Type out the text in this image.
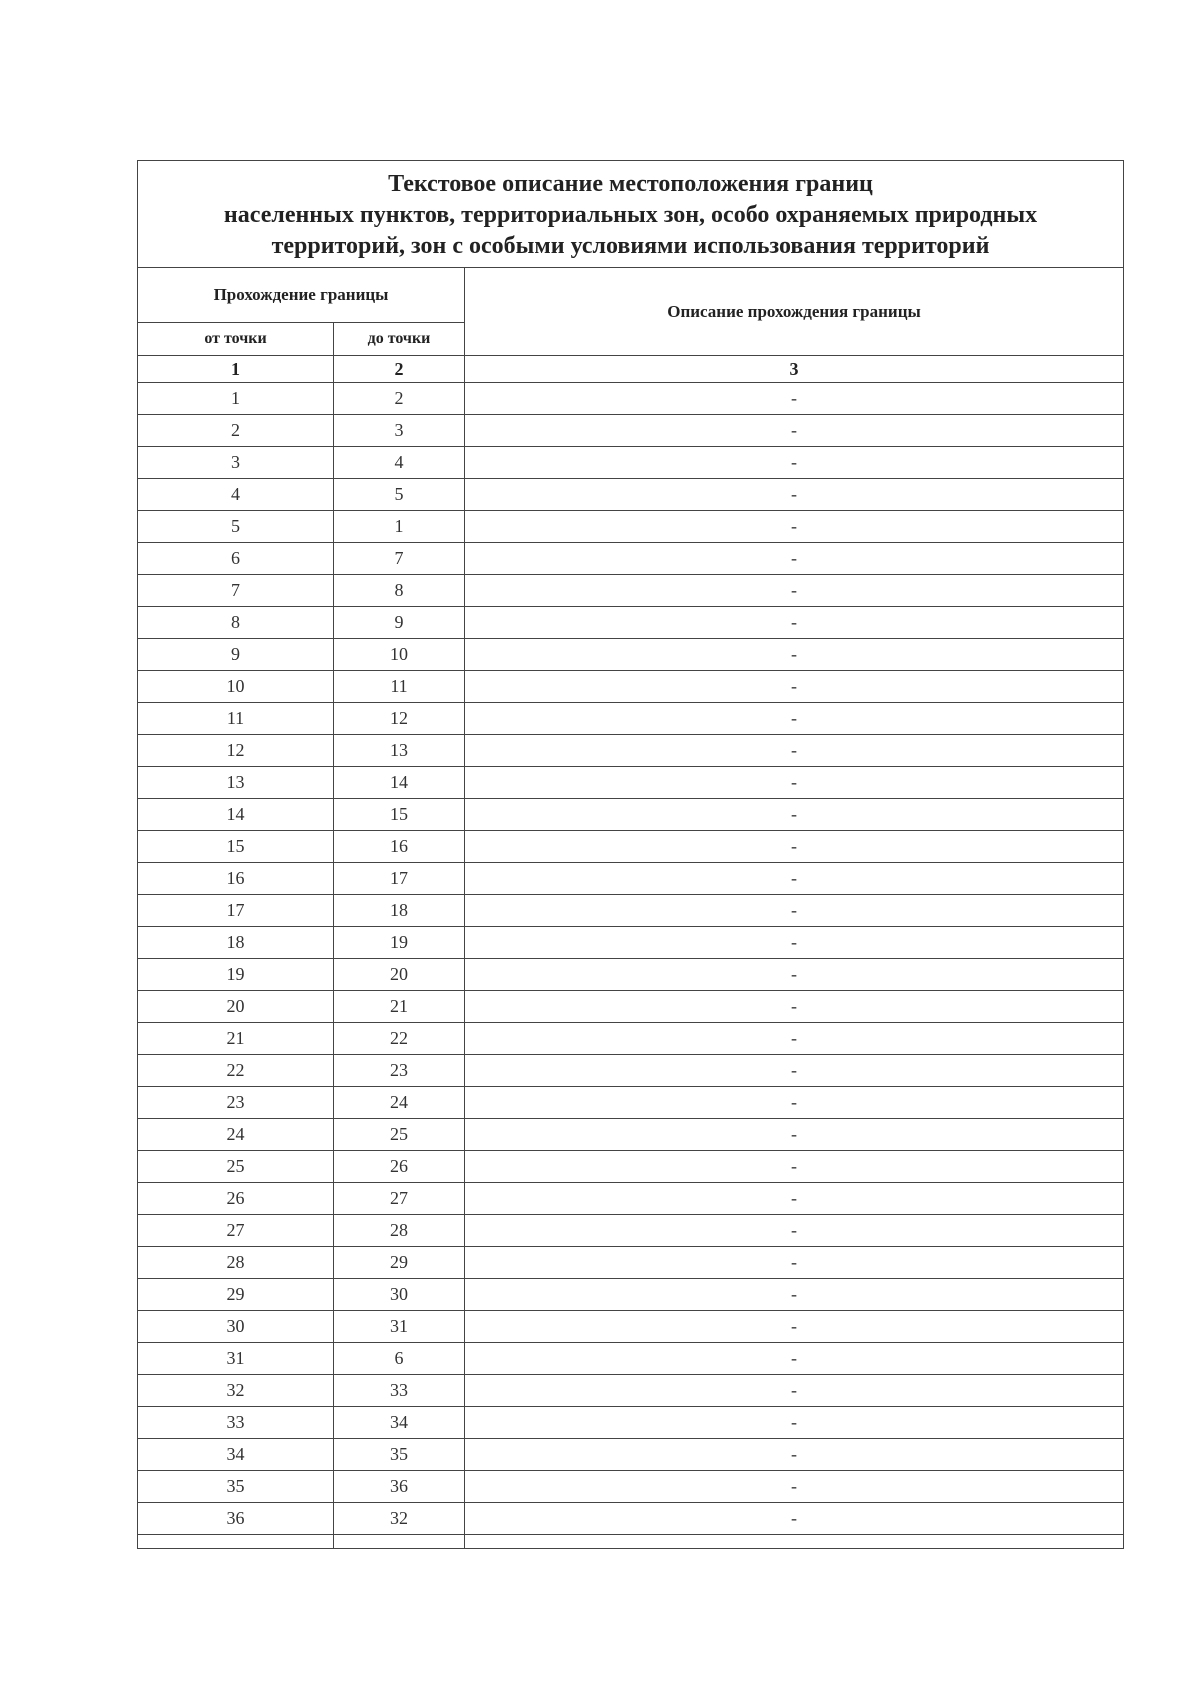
Текстовое описание местоположения границ
населенных пунктов, территориальных зон, особо охраняемых природных
территорий, зон с особыми условиями использования территорий		

Прохождение границы		Описание прохождения границы
от точки	до точки	
1	2	3
1	2	-
2	3	-
3	4	-
4	5	-
5	1	-
6	7	-
7	8	-
8	9	-
9	10	-
10	11	-
11	12	-
12	13	-
13	14	-
14	15	-
15	16	-
16	17	-
17	18	-
18	19	-
19	20	-
20	21	-
21	22	-
22	23	-
23	24	-
24	25	-
25	26	-
26	27	-
27	28	-
28	29	-
29	30	-
30	31	-
31	6	-
32	33	-
33	34	-
34	35	-
35	36	-
36	32	-
